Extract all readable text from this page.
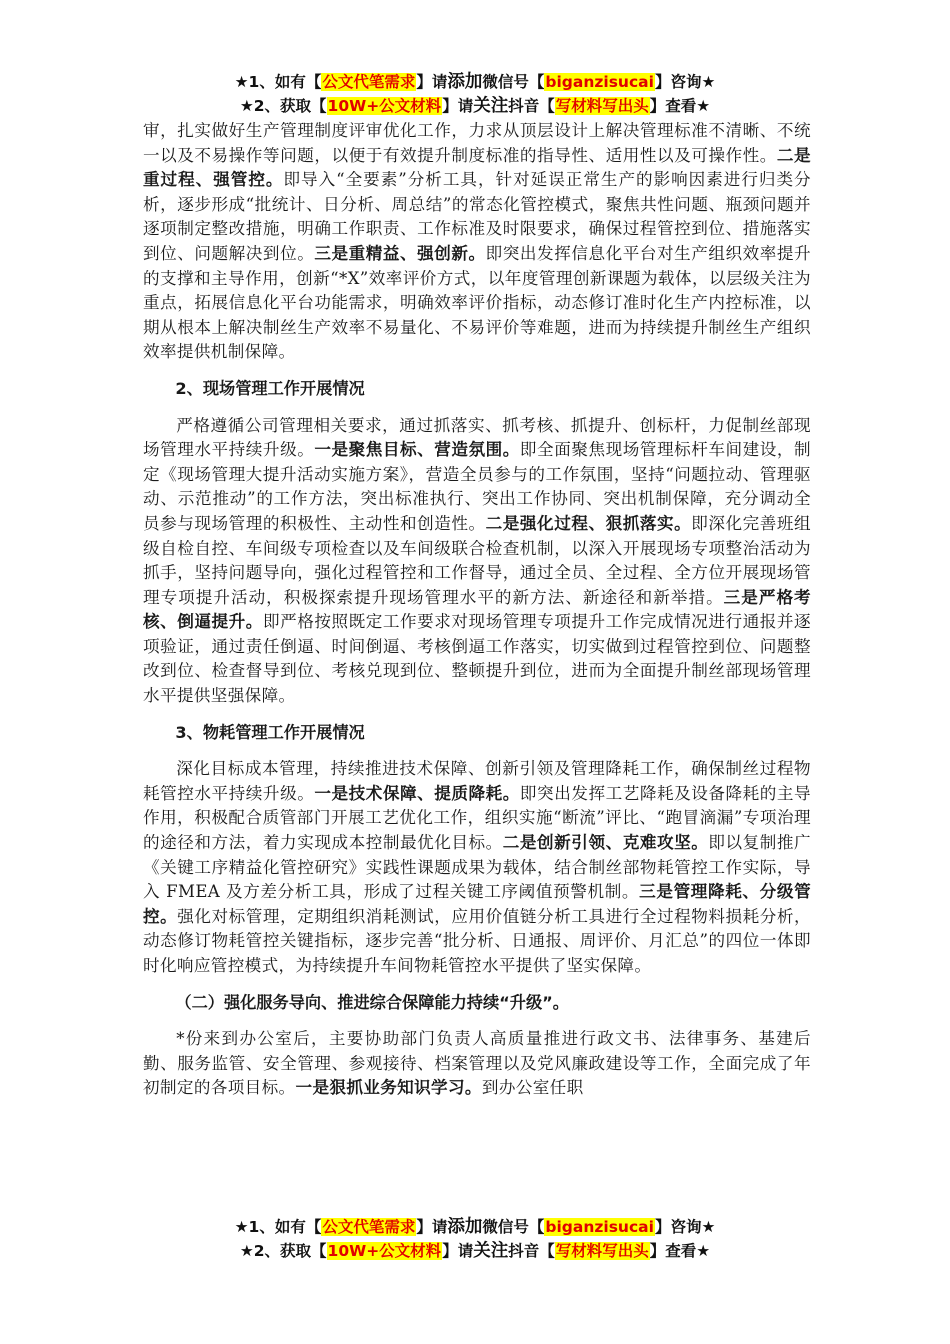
★1、如有【公文代笔需求】请添加微信号【biganzisucai】咨询★
★2、获取【10W+公文材料】请关注抖音【写材料写出头】查看★

审，扎实做好生产管理制度评审优化工作，力求从顶层设计上解决管理标准不清晰、不统一以及不易操作等问题，以便于有效提升制度标准的指导性、适用性以及可操作性。二是重过程、强管控。即导入“全要素”分析工具，针对延误正常生产的影响因素进行归类分析，逐步形成“批统计、日分析、周总结”的常态化管控模式，聚焦共性问题、瓶颈问题并逐项制定整改措施，明确工作职责、工作标准及时限要求，确保过程管控到位、措施落实到位、问题解决到位。三是重精益、强创新。即突出发挥信息化平台对生产组织效率提升的支撑和主导作用，创新“*X”效率评价方式，以年度管理创新课题为载体，以层级关注为重点，拓展信息化平台功能需求，明确效率评价指标，动态修订准时化生产内控标准，以期从根本上解决制丝生产效率不易量化、不易评价等难题，进而为持续提升制丝生产组织效率提供机制保障。

2、现场管理工作开展情况

严格遵循公司管理相关要求，通过抓落实、抓考核、抓提升、创标杆，力促制丝部现场管理水平持续升级。一是聚焦目标、营造氛围。即全面聚焦现场管理标杆车间建设，制定《现场管理大提升活动实施方案》，营造全员参与的工作氛围，坚持“问题拉动、管理驱动、示范推动”的工作方法，突出标准执行、突出工作协同、突出机制保障，充分调动全员参与现场管理的积极性、主动性和创造性。二是强化过程、狠抓落实。即深化完善班组级自检自控、车间级专项检查以及车间级联合检查机制，以深入开展现场专项整治活动为抓手，坚持问题导向，强化过程管控和工作督导，通过全员、全过程、全方位开展现场管理专项提升活动，积极探索提升现场管理水平的新方法、新途径和新举措。三是严格考核、倒逼提升。即严格按照既定工作要求对现场管理专项提升工作完成情况进行通报并逐项验证，通过责任倒逼、时间倒逼、考核倒逼工作落实，切实做到过程管控到位、问题整改到位、检查督导到位、考核兑现到位、整顿提升到位，进而为全面提升制丝部现场管理水平提供坚强保障。

3、物耗管理工作开展情况

深化目标成本管理，持续推进技术保障、创新引领及管理降耗工作，确保制丝过程物耗管控水平持续升级。一是技术保障、提质降耗。即突出发挥工艺降耗及设备降耗的主导作用，积极配合质管部门开展工艺优化工作，组织实施“断流”评比、“跑冒滴漏”专项治理的途径和方法，着力实现成本控制最优化目标。二是创新引领、克难攻坚。即以复制推广《关键工序精益化管控研究》实践性课题成果为载体，结合制丝部物耗管控工作实际，导入 FMEA 及方差分析工具，形成了过程关键工序阈值预警机制。三是管理降耗、分级管控。强化对标管理，定期组织消耗测试，应用价值链分析工具进行全过程物料损耗分析，动态修订物耗管控关键指标，逐步完善“批分析、日通报、周评价、月汇总”的四位一体即时化响应管控模式，为持续提升车间物耗管控水平提供了坚实保障。

（二）强化服务导向、推进综合保障能力持续“升级”。

*份来到办公室后，主要协助部门负责人高质量推进行政文书、法律事务、基建后勤、服务监管、安全管理、参观接待、档案管理以及党风廉政建设等工作，全面完成了年初制定的各项目标。一是狠抓业务知识学习。到办公室任职

★1、如有【公文代笔需求】请添加微信号【biganzisucai】咨询★
★2、获取【10W+公文材料】请关注抖音【写材料写出头】查看★
